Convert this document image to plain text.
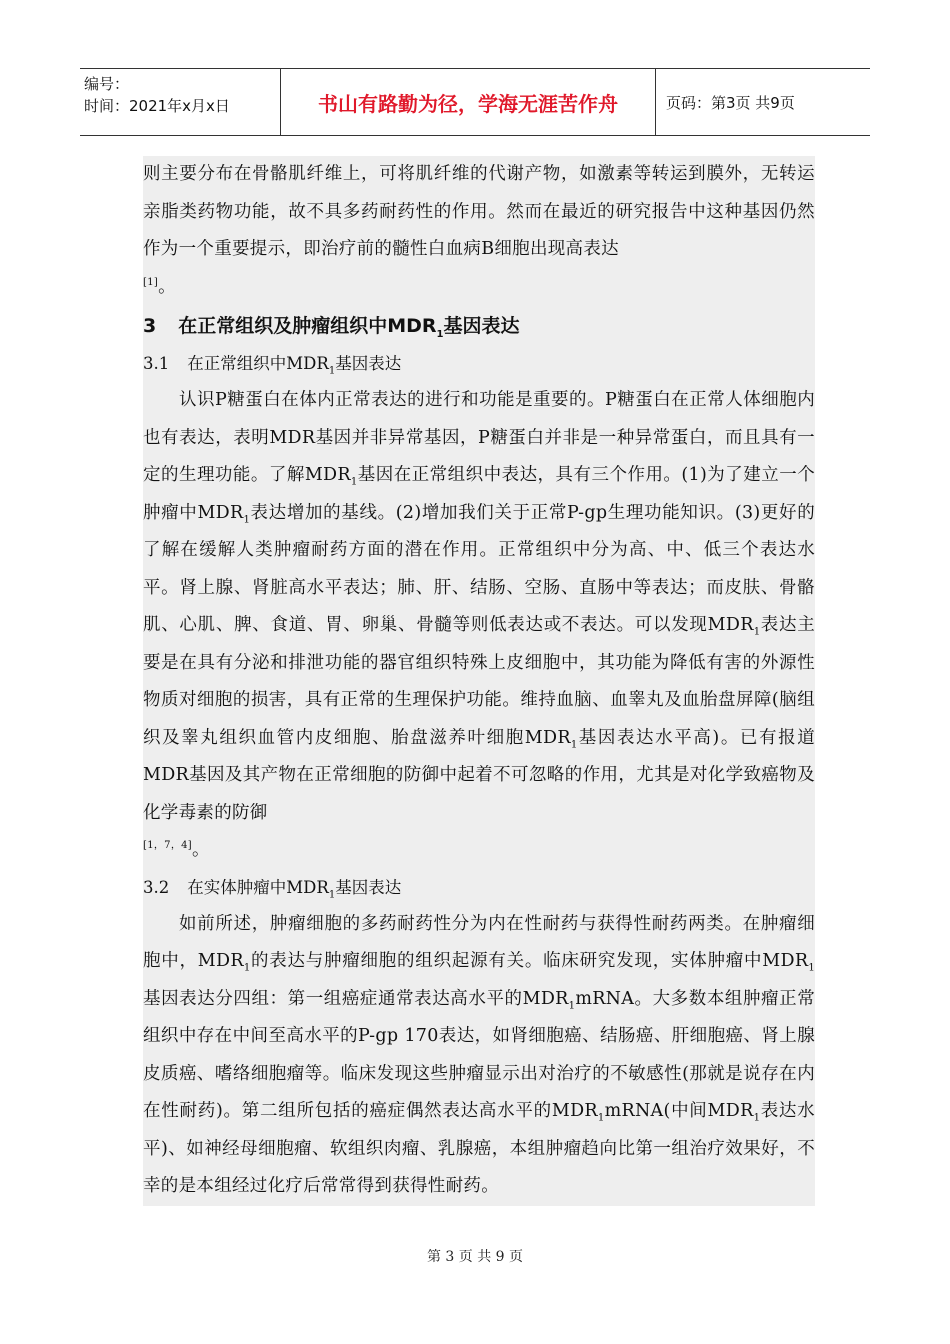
编号：
时间：2021年x月x日	书山有路勤为径，学海无涯苦作舟	页码：第3页 共9页

则主要分布在骨骼肌纤维上，可将肌纤维的代谢产物，如激素等转运到膜外，无转运亲脂类药物功能，故不具多药耐药性的作用。然而在最近的研究报告中这种基因仍然作为一个重要提示，即治疗前的髓性白血病B细胞出现高表达
[1]。

3 在正常组织及肿瘤组织中$MDR_1$基因表达

3.1 在正常组织中$MDR_1$基因表达

认识P糖蛋白在体内正常表达的进行和功能是重要的。P糖蛋白在正常人体细胞内也有表达，表明MDR基因并非异常基因，P糖蛋白并非是一种异常蛋白，而且具有一定的生理功能。了解$MDR_1$基因在正常组织中表达，具有三个作用。(1)为了建立一个肿瘤中$MDR_1$表达增加的基线。(2)增加我们关于正常P-gp生理功能知识。(3)更好的了解在缓解人类肿瘤耐药方面的潜在作用。正常组织中分为高、中、低三个表达水平。肾上腺、肾脏高水平表达；肺、肝、结肠、空肠、直肠中等表达；而皮肤、骨骼肌、心肌、脾、食道、胃、卵巢、骨髓等则低表达或不表达。可以发现$MDR_1$表达主要是在具有分泌和排泄功能的器官组织特殊上皮细胞中，其功能为降低有害的外源性物质对细胞的损害，具有正常的生理保护功能。维持血脑、血睾丸及血胎盘屏障(脑组织及睾丸组织血管内皮细胞、胎盘滋养叶细胞$MDR_1$基因表达水平高)。已有报道MDR基因及其产物在正常细胞的防御中起着不可忽略的作用，尤其是对化学致癌物及化学毒素的防御
[1，7，4]。

3.2 在实体肿瘤中$MDR_1$基因表达

如前所述，肿瘤细胞的多药耐药性分为内在性耐药与获得性耐药两类。在肿瘤细胞中，$MDR_1$的表达与肿瘤细胞的组织起源有关。临床研究发现，实体肿瘤中$MDR_1$基因表达分四组：第一组癌症通常表达高水平的$MDR_1mRNA$。大多数本组肿瘤正常组织中存在中间至高水平的P-gp 170表达，如肾细胞癌、结肠癌、肝细胞癌、肾上腺皮质癌、嗜络细胞瘤等。临床发现这些肿瘤显示出对治疗的不敏感性(那就是说存在内在性耐药)。第二组所包括的癌症偶然表达高水平的$MDR_1mRNA$(中间$MDR_1$表达水平)、如神经母细胞瘤、软组织肉瘤、乳腺癌，本组肿瘤趋向比第一组治疗效果好，不幸的是本组经过化疗后常常得到获得性耐药。

第 3 页 共 9 页
